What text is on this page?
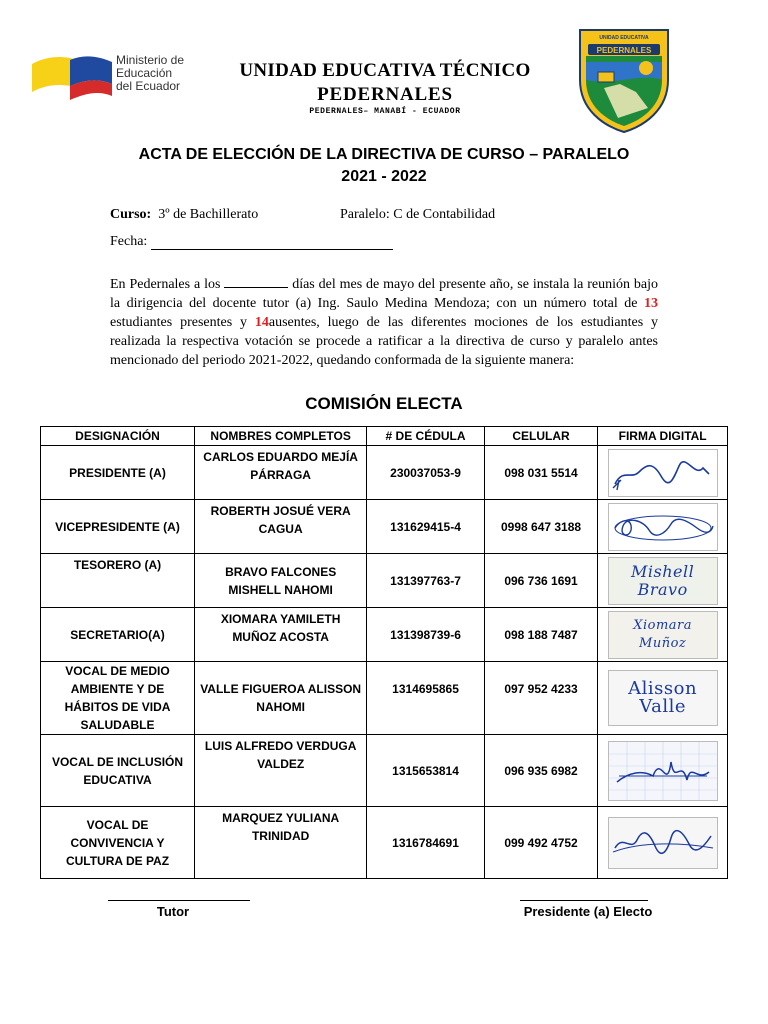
Ministerio de
Educación
del Ecuador
UNIDAD EDUCATIVA TÉCNICO
PEDERNALES
PEDERNALES– MANABÍ - ECUADOR
PEDERNALES
UNIDAD EDUCATIVA
ACTA DE ELECCIÓN DE LA DIRECTIVA DE CURSO – PARALELO
2021 - 2022
Curso: 3º de Bachillerato	Paralelo: C de Contabilidad
Fecha:
En Pedernales a los	días del mes de mayo del presente año, se instala la reunión bajo la dirigencia del docente tutor (a) Ing. Saulo Medina Mendoza; con un número total de 13 estudiantes presentes y 14ausentes, luego de las diferentes mociones de los estudiantes y realizada la respectiva votación se procede a ratificar a la directiva de curso y paralelo antes mencionado del periodo 2021-2022, quedando conformada de la siguiente manera:
COMISIÓN ELECTA
DESIGNACIÓN	NOMBRES COMPLETOS	# DE CÉDULA	CELULAR	FIRMA DIGITAL
PRESIDENTE (A)	CARLOS EDUARDO MEJÍA PÁRRAGA	230037053-9	098 031 5514	

VICEPRESIDENTE (A)	ROBERTH JOSUÉ VERA CAGUA	131629415-4	0998 647 3188	

TESORERO (A)	BRAVO FALCONES MISHELL NAHOMI	131397763-7	096 736 1691	Mishell Bravo

SECRETARIO(A)	XIOMARA YAMILETH MUÑOZ ACOSTA	131398739-6	098 188 7487	Xiomara Muñoz

VOCAL DE MEDIO AMBIENTE Y DE HÁBITOS DE VIDA SALUDABLE	VALLE FIGUEROA ALISSON NAHOMI	1314695865	097 952 4233	Alisson Valle

VOCAL DE INCLUSIÓN EDUCATIVA	LUIS ALFREDO VERDUGA VALDEZ	1315653814	096 935 6982	

VOCAL DE CONVIVENCIA Y CULTURA DE PAZ	MARQUEZ YULIANA TRINIDAD	1316784691	099 492 4752	
Tutor	Presidente (a) Electo
